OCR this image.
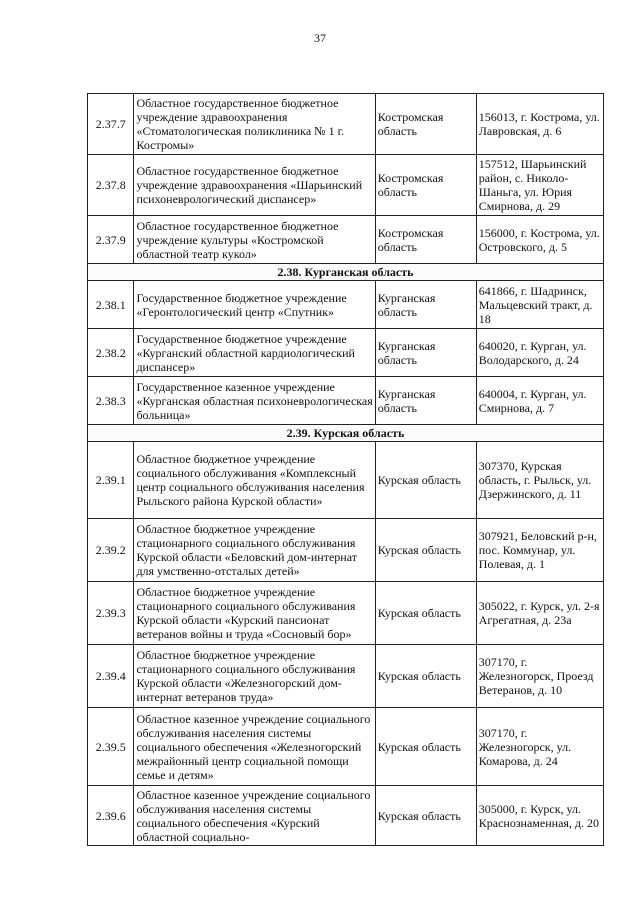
37
2.37.7	Областное государственное бюджетное учреждение здравоохранения «Стоматологическая поликлиника № 1 г. Костромы»	Костромская область	156013, г. Кострома, ул. Лавровская, д. 6
2.37.8	Областное государственное бюджетное учреждение здравоохранения «Шарьинский психоневрологический диспансер»	Костромская область	157512, Шарьинский район, с. Николо-Шаньга, ул. Юрия Смирнова, д. 29
2.37.9	Областное государственное бюджетное учреждение культуры «Костромской областной театр кукол»	Костромская область	156000, г. Кострома, ул. Островского, д. 5
2.38. Курганская область			
2.38.1	Государственное бюджетное учреждение «Геронтологический центр «Спутник»	Курганская область	641866, г. Шадринск, Мальцевский тракт, д. 18
2.38.2	Государственное бюджетное учреждение «Курганский областной кардиологический диспансер»	Курганская область	640020, г. Курган, ул. Володарского, д. 24
2.38.3	Государственное казенное учреждение «Курганская областная психоневрологическая больница»	Курганская область	640004, г. Курган, ул. Смирнова, д. 7
2.39. Курская область			
2.39.1	Областное бюджетное учреждение социального обслуживания «Комплексный центр социального обслуживания населения Рыльского района Курской области»	Курская область	307370, Курская область, г. Рыльск, ул. Дзержинского, д. 11
2.39.2	Областное бюджетное учреждение стационарного социального обслуживания Курской области «Беловский дом-интернат для умственно-отсталых детей»	Курская область	307921, Беловский р-н, пос. Коммунар, ул. Полевая, д. 1
2.39.3	Областное бюджетное учреждение стационарного социального обслуживания Курской области «Курский пансионат ветеранов войны и труда «Сосновый бор»	Курская область	305022, г. Курск, ул. 2-я Агрегатная, д. 23а
2.39.4	Областное бюджетное учреждение стационарного социального обслуживания Курской области «Железногорский дом-интернат ветеранов труда»	Курская область	307170, г. Железногорск, Проезд Ветеранов, д. 10
2.39.5	Областное казенное учреждение социального обслуживания населения системы социального обеспечения «Железногорский межрайонный центр социальной помощи семье и детям»	Курская область	307170, г. Железногорск, ул. Комарова, д. 24
2.39.6	Областное казенное учреждение социального обслуживания населения системы социального обеспечения «Курский областной социально-	Курская область	305000, г. Курск, ул. Краснознаменная, д. 20
